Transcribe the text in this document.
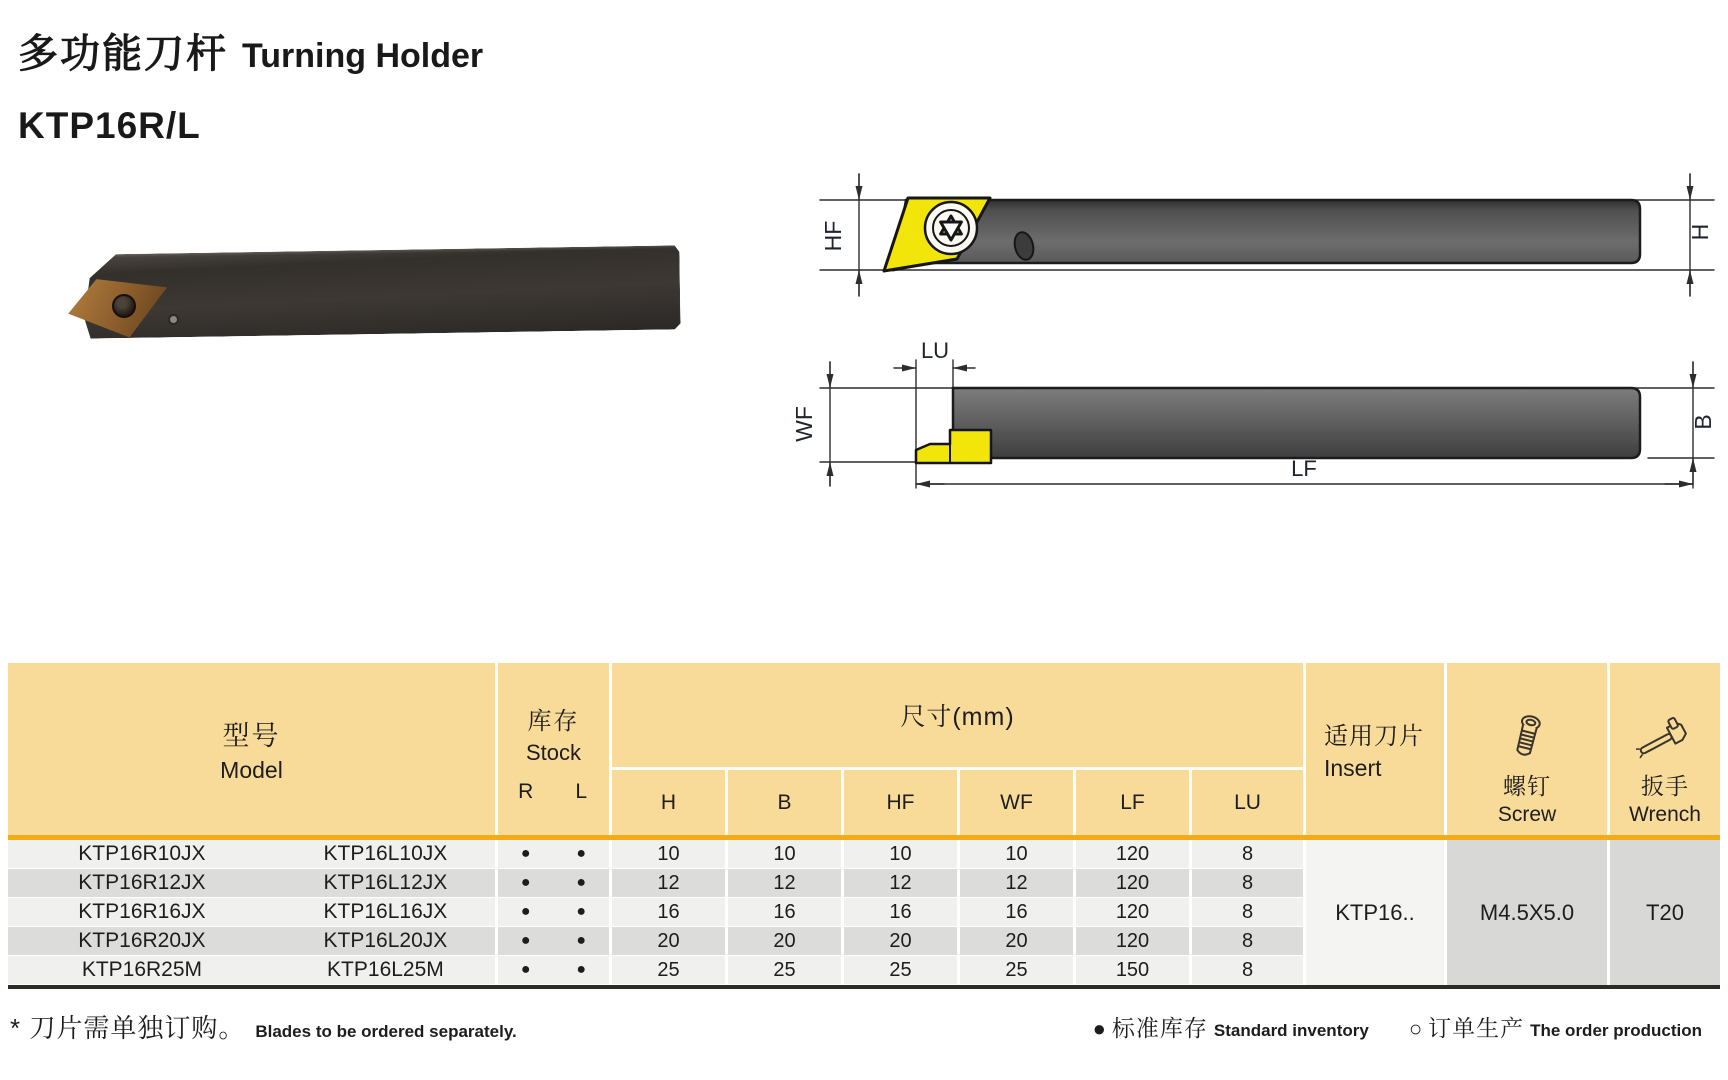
多功能刀杆 Turning Holder
KTP16R/L
HF	H
LU
WF	B
LF
型号
Model
库存
Stock
R	L
尺寸(mm)
H	B	HF	WF	LF	LU
适用刀片
Insert
螺钉
Screw
扳手
Wrench
KTP16R10JX	KTP16L10JX	●	●	10	10	10	10	120	8
KTP16R12JX	KTP16L12JX	●	●	12	12	12	12	120	8
KTP16R16JX	KTP16L16JX	●	●	16	16	16	16	120	8
KTP16R20JX	KTP16L20JX	●	●	20	20	20	20	120	8
KTP16R25M	KTP16L25M	●	●	25	25	25	25	150	8
KTP16..	M4.5X5.0	T20
* 刀片需单独订购。 Blades to be ordered separately.	● 标准库存 Standard inventory ○ 订单生产 The order production
